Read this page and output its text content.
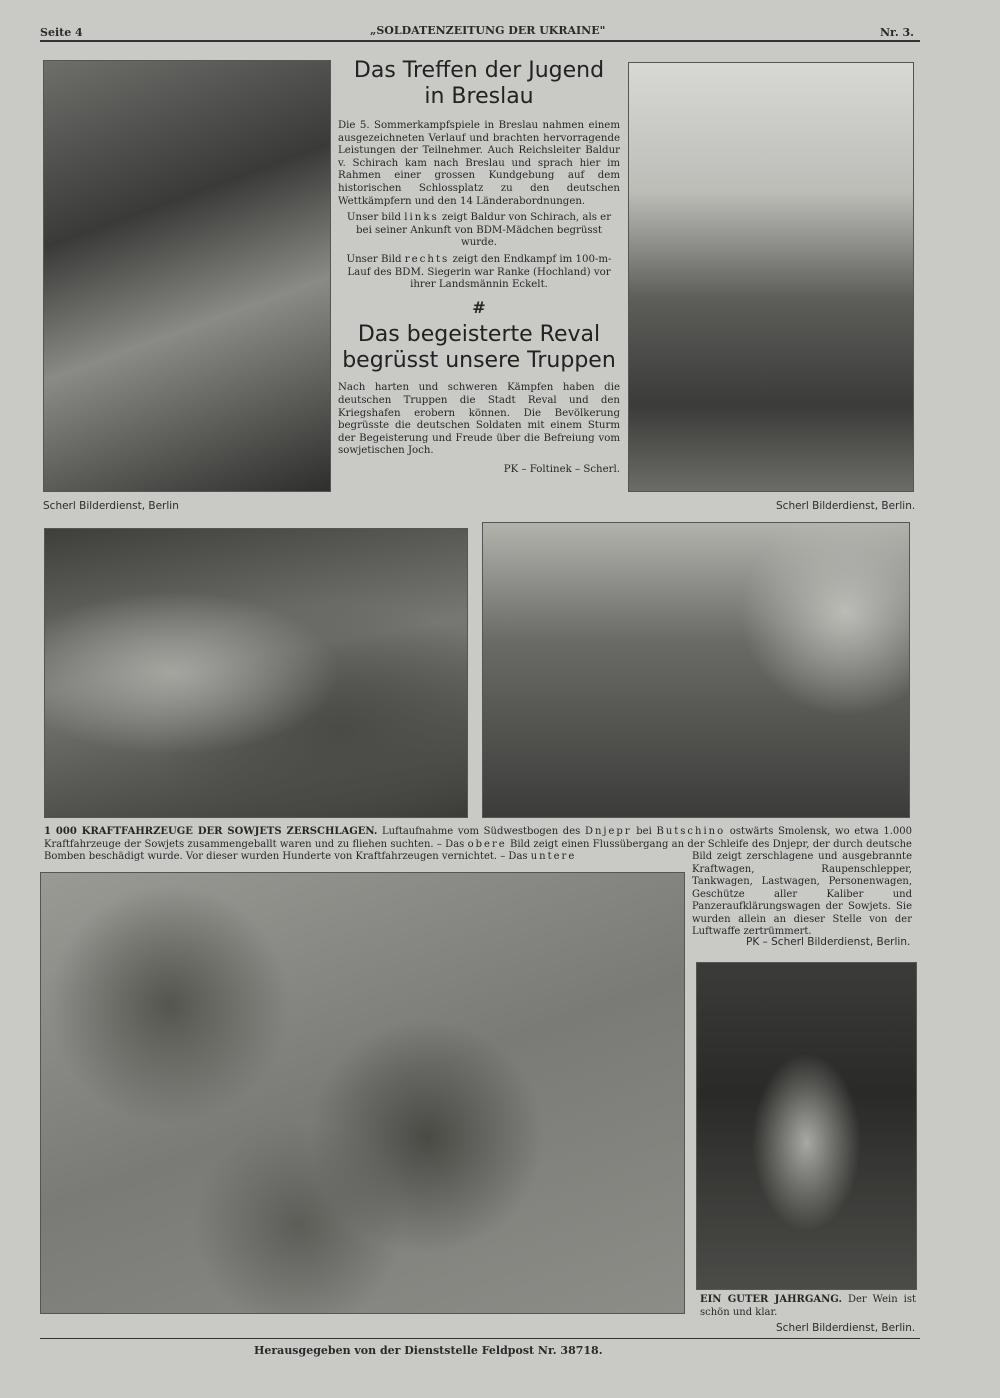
Seite 4	„SOLDATENZEITUNG DER UKRAINE"	Nr. 3.
Das Treffen der Jugend
in Breslau
Die 5. Sommerkampfspiele in Breslau nahmen einem ausgezeichneten Verlauf und brachten hervorragende Leistungen der Teilnehmer. Auch Reichsleiter Baldur v. Schirach kam nach Breslau und sprach hier im Rahmen einer grossen Kundgebung auf dem historischen Schlossplatz zu den deutschen Wettkämpfern und den 14 Länderabordnungen.
Unser bild links zeigt Baldur von Schirach, als er bei seiner Ankunft von BDM-Mädchen begrüsst wurde.
Unser Bild rechts zeigt den Endkampf im 100-m-Lauf des BDM. Siegerin war Ranke (Hochland) vor ihrer Landsmännin Eckelt.
#
Das begeisterte Reval
begrüsst unsere Truppen
Nach harten und schweren Kämpfen haben die deutschen Truppen die Stadt Reval und den Kriegshafen erobern können. Die Bevölkerung begrüsste die deutschen Soldaten mit einem Sturm der Begeisterung und Freude über die Befreiung vom sowjetischen Joch.
PK – Foltinek – Scherl.
Scherl Bilderdienst, Berlin	Scherl Bilderdienst, Berlin.
1 000 KRAFTFAHRZEUGE DER SOWJETS ZERSCHLAGEN. Luftaufnahme vom Südwestbogen des Dnjepr bei Butschino ostwärts Smolensk, wo etwa 1.000 Kraftfahrzeuge der Sowjets zusammengeballt waren und zu fliehen suchten. – Das obere Bild zeigt einen Flussübergang an der Schleife des Dnjepr, der durch deutsche Bomben beschädigt wurde. Vor dieser wurden Hunderte von Kraftfahrzeugen vernichtet. – Das untere	Bild zeigt zerschlagene und ausgebrannte Kraftwagen, Raupenschlepper, Tankwagen, Lastwagen, Personenwagen, Geschütze aller Kaliber und Panzeraufklärungswagen der Sowjets. Sie wurden allein an dieser Stelle von der Luftwaffe zertrümmert.
PK – Scherl Bilderdienst, Berlin.
EIN GUTER JAHRGANG. Der Wein ist schön und klar.
Scherl Bilderdienst, Berlin.
Herausgegeben von der Dienststelle Feldpost Nr. 38718.
